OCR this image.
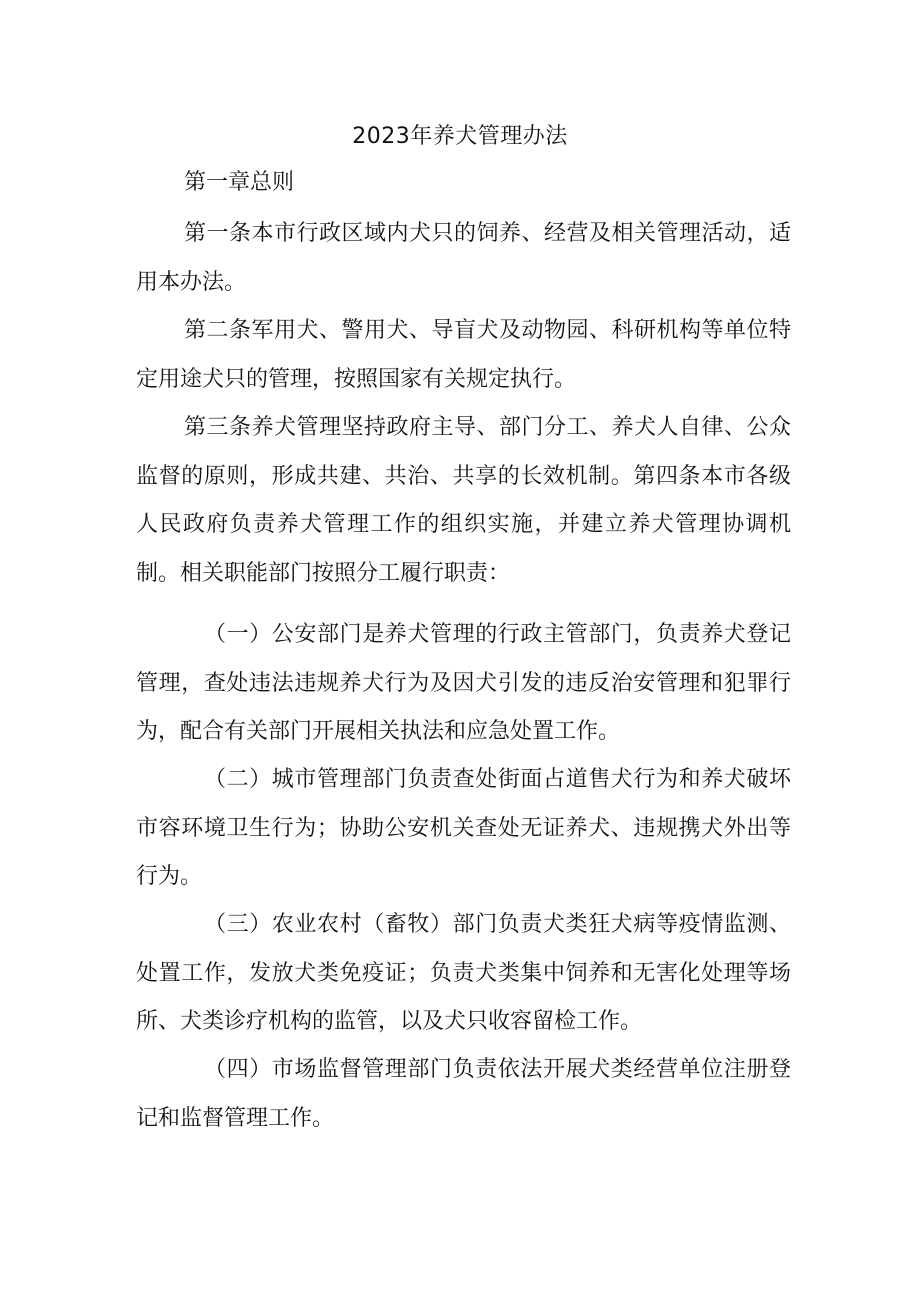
2023年养犬管理办法
第一章总则

第一条本市行政区域内犬只的饲养、经营及相关管理活动，适用本办法。

第二条军用犬、警用犬、导盲犬及动物园、科研机构等单位特定用途犬只的管理，按照国家有关规定执行。

第三条养犬管理坚持政府主导、部门分工、养犬人自律、公众监督的原则，形成共建、共治、共享的长效机制。第四条本市各级人民政府负责养犬管理工作的组织实施，并建立养犬管理协调机制。相关职能部门按照分工履行职责：

（一）公安部门是养犬管理的行政主管部门，负责养犬登记管理，查处违法违规养犬行为及因犬引发的违反治安管理和犯罪行为，配合有关部门开展相关执法和应急处置工作。

（二）城市管理部门负责查处街面占道售犬行为和养犬破坏市容环境卫生行为；协助公安机关查处无证养犬、违规携犬外出等行为。

（三）农业农村（畜牧）部门负责犬类狂犬病等疫情监测、处置工作，发放犬类免疫证；负责犬类集中饲养和无害化处理等场所、犬类诊疗机构的监管，以及犬只收容留检工作。

（四）市场监督管理部门负责依法开展犬类经营单位注册登记和监督管理工作。
